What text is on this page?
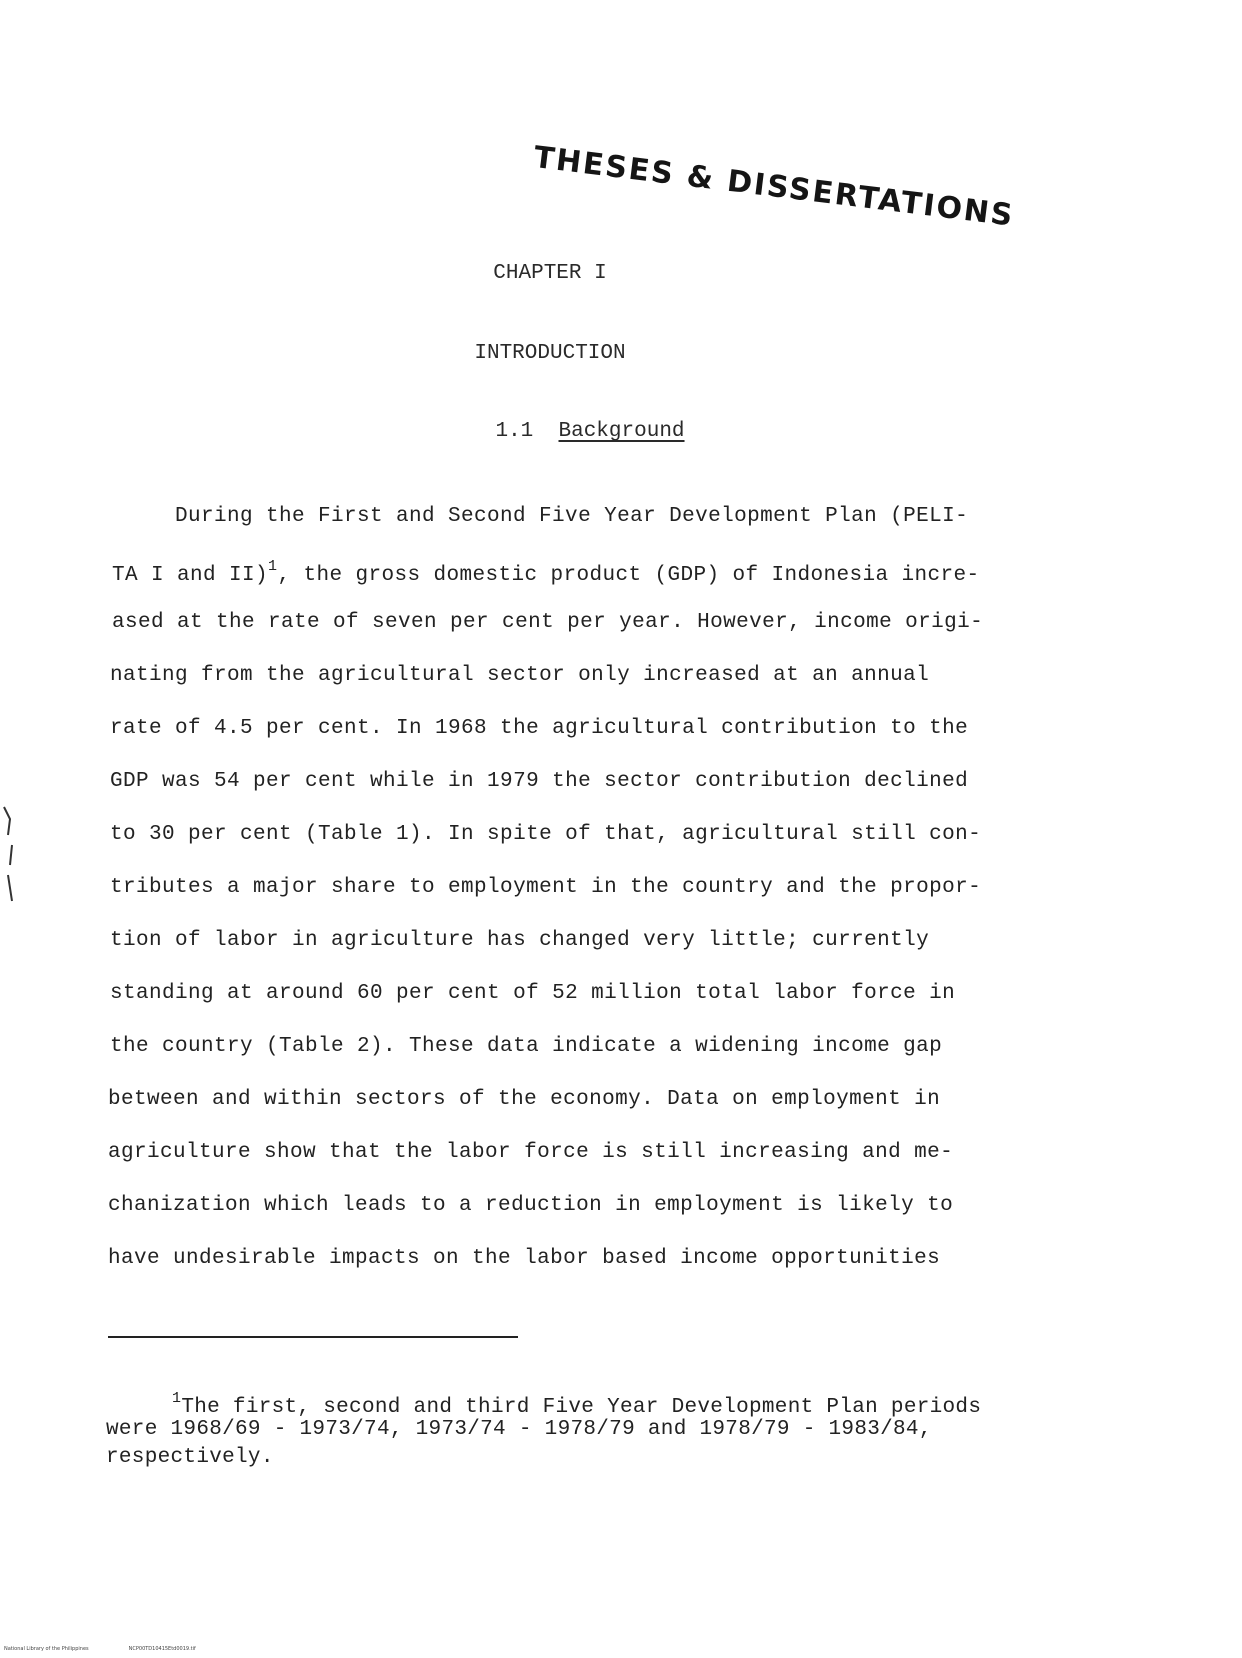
THESES & DISSERTATIONS
CHAPTER I
INTRODUCTION
1.1 Background
During the First and Second Five Year Development Plan (PELI-
TA I and II)$^1$, the gross domestic product (GDP) of Indonesia incre-
ased at the rate of seven per cent per year. However, income origi-
nating from the agricultural sector only increased at an annual
rate of 4.5 per cent. In 1968 the agricultural contribution to the
GDP was 54 per cent while in 1979 the sector contribution declined
to 30 per cent (Table 1). In spite of that, agricultural still con-
tributes a major share to employment in the country and the propor-
tion of labor in agriculture has changed very little; currently
standing at around 60 per cent of 52 million total labor force in
the country (Table 2). These data indicate a widening income gap
between and within sectors of the economy. Data on employment in
agriculture show that the labor force is still increasing and me-
chanization which leads to a reduction in employment is likely to
have undesirable impacts on the labor based income opportunities
$^1$The first, second and third Five Year Development Plan periods
were 1968/69 - 1973/74, 1973/74 - 1978/79 and 1978/79 - 1983/84,
respectively.
National Library of the Philippines	NCP00TD10415Etd0019.tif
